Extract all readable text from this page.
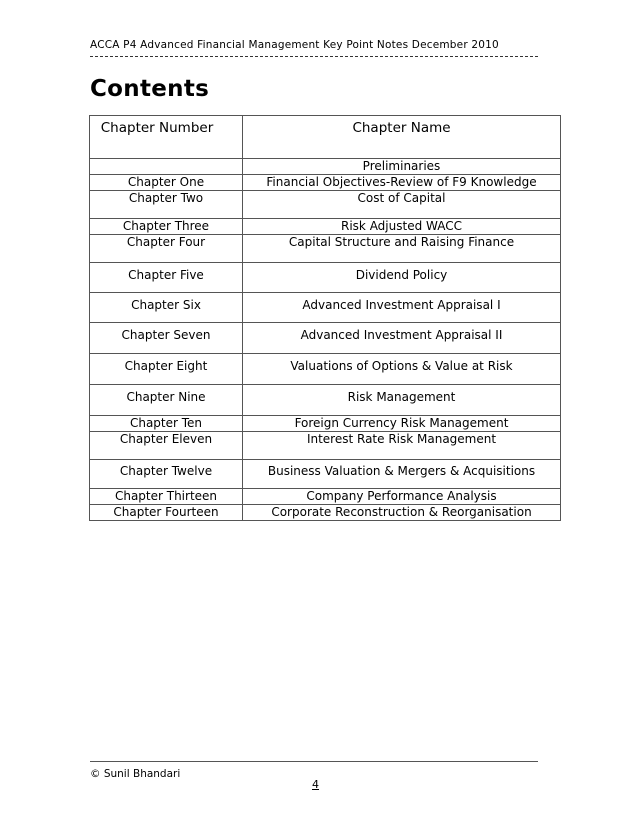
ACCA P4 Advanced Financial Management Key Point Notes December 2010
Contents
Chapter Number	Chapter Name
	Preliminaries
Chapter One	Financial Objectives-Review of F9 Knowledge
Chapter Two	Cost of Capital
Chapter Three	Risk Adjusted WACC
Chapter Four	Capital Structure and Raising Finance
Chapter Five	Dividend Policy
Chapter Six	Advanced Investment Appraisal I
Chapter Seven	Advanced Investment Appraisal II
Chapter Eight	Valuations of Options & Value at Risk
Chapter Nine	Risk Management
Chapter Ten	Foreign Currency Risk Management
Chapter Eleven	Interest Rate Risk Management
Chapter Twelve	Business Valuation & Mergers & Acquisitions
Chapter Thirteen	Company Performance Analysis
Chapter Fourteen	Corporate Reconstruction & Reorganisation
© Sunil Bhandari
4
